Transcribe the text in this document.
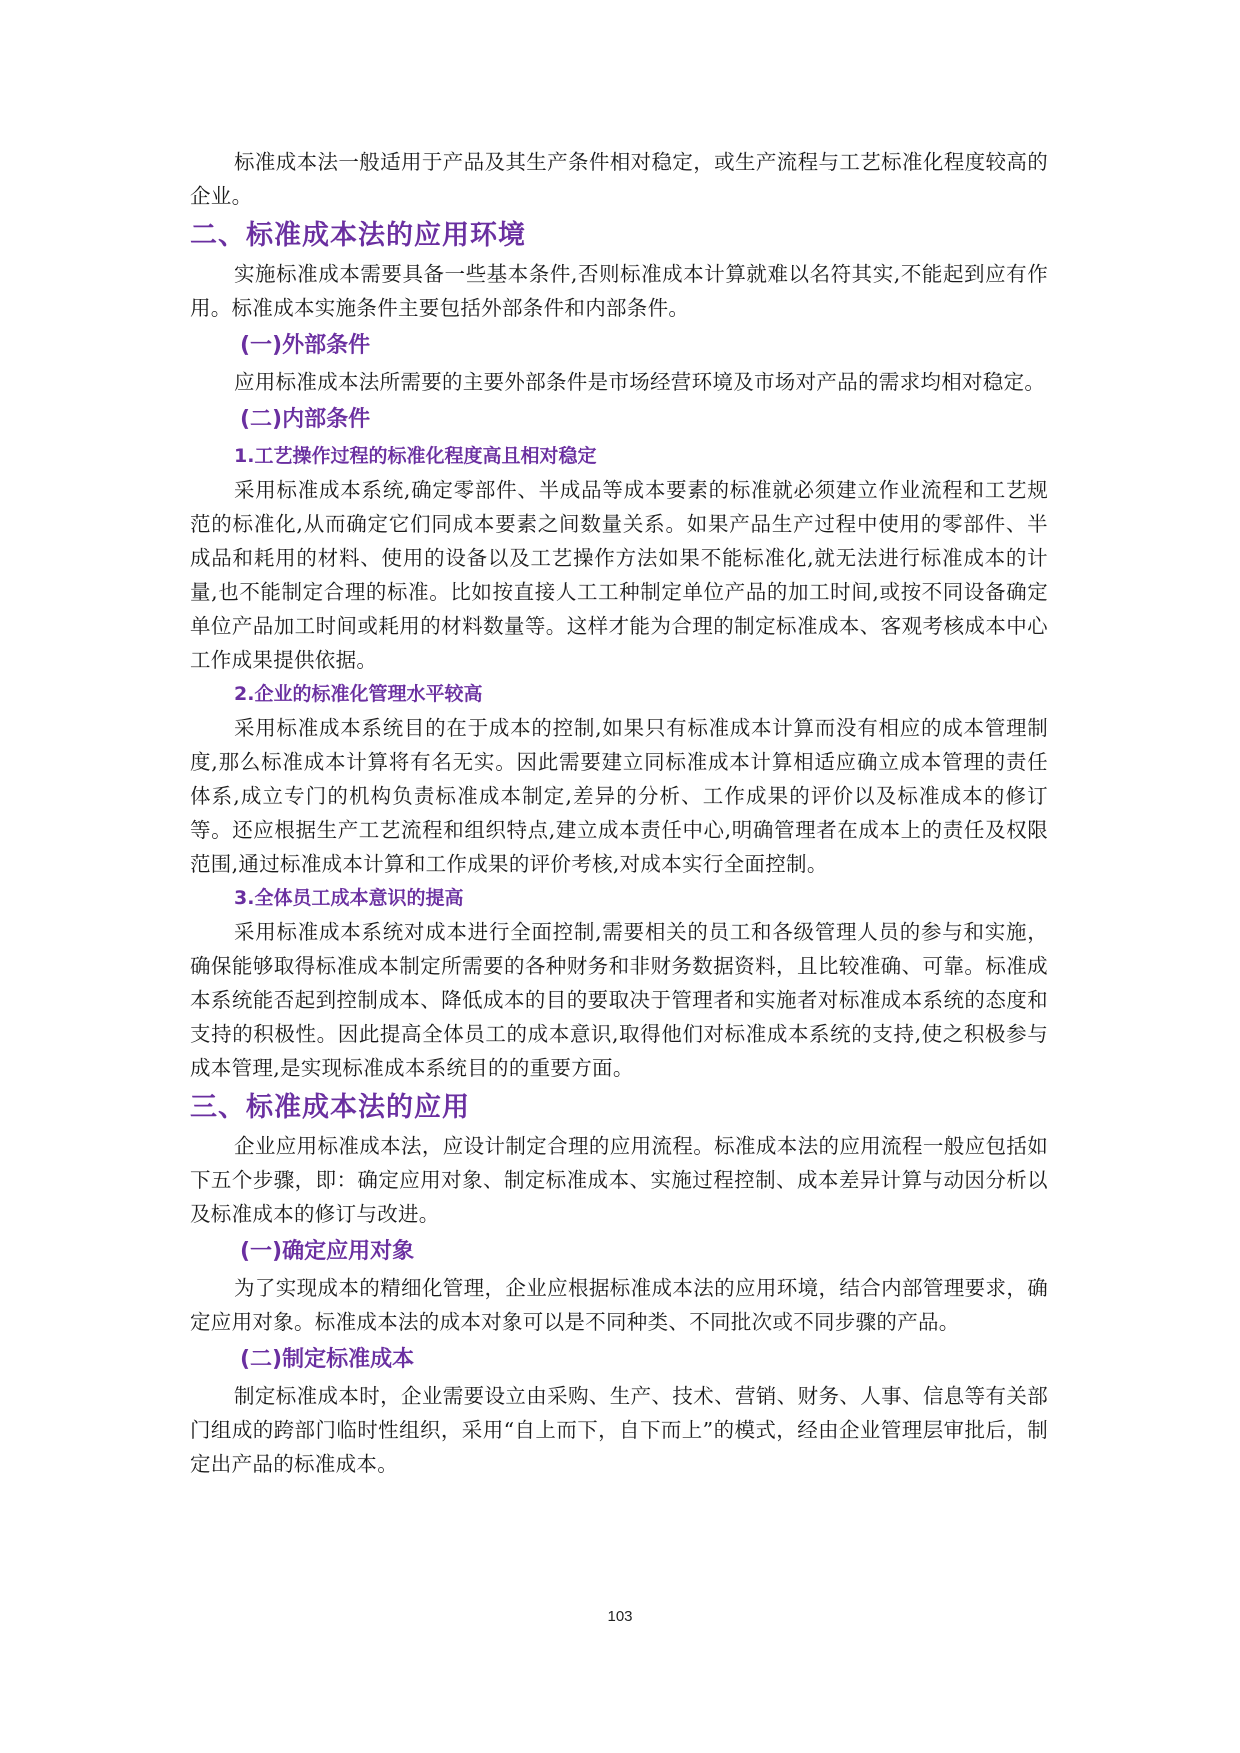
标准成本法一般适用于产品及其生产条件相对稳定，或生产流程与工艺标准化程度较高的企业。

二、标准成本法的应用环境

实施标准成本需要具备一些基本条件,否则标准成本计算就难以名符其实,不能起到应有作用。标准成本实施条件主要包括外部条件和内部条件。

(一)外部条件

应用标准成本法所需要的主要外部条件是市场经营环境及市场对产品的需求均相对稳定。

(二)内部条件
1.工艺操作过程的标准化程度高且相对稳定

采用标准成本系统,确定零部件、半成品等成本要素的标准就必须建立作业流程和工艺规范的标准化,从而确定它们同成本要素之间数量关系。如果产品生产过程中使用的零部件、半成品和耗用的材料、使用的设备以及工艺操作方法如果不能标准化,就无法进行标准成本的计量,也不能制定合理的标准。比如按直接人工工种制定单位产品的加工时间,或按不同设备确定单位产品加工时间或耗用的材料数量等。这样才能为合理的制定标准成本、客观考核成本中心工作成果提供依据。

2.企业的标准化管理水平较高

采用标准成本系统目的在于成本的控制,如果只有标准成本计算而没有相应的成本管理制度,那么标准成本计算将有名无实。因此需要建立同标准成本计算相适应确立成本管理的责任体系,成立专门的机构负责标准成本制定,差异的分析、工作成果的评价以及标准成本的修订等。还应根据生产工艺流程和组织特点,建立成本责任中心,明确管理者在成本上的责任及权限范围,通过标准成本计算和工作成果的评价考核,对成本实行全面控制。

3.全体员工成本意识的提高

采用标准成本系统对成本进行全面控制,需要相关的员工和各级管理人员的参与和实施，确保能够取得标准成本制定所需要的各种财务和非财务数据资料，且比较准确、可靠。标准成本系统能否起到控制成本、降低成本的目的要取决于管理者和实施者对标准成本系统的态度和支持的积极性。因此提高全体员工的成本意识,取得他们对标准成本系统的支持,使之积极参与成本管理,是实现标准成本系统目的的重要方面。

三、标准成本法的应用

企业应用标准成本法，应设计制定合理的应用流程。标准成本法的应用流程一般应包括如下五个步骤，即：确定应用对象、制定标准成本、实施过程控制、成本差异计算与动因分析以及标准成本的修订与改进。

(一)确定应用对象

为了实现成本的精细化管理，企业应根据标准成本法的应用环境，结合内部管理要求，确定应用对象。标准成本法的成本对象可以是不同种类、不同批次或不同步骤的产品。

(二)制定标准成本

制定标准成本时，企业需要设立由采购、生产、技术、营销、财务、人事、信息等有关部门组成的跨部门临时性组织，采用“自上而下，自下而上”的模式，经由企业管理层审批后，制定出产品的标准成本。

103
